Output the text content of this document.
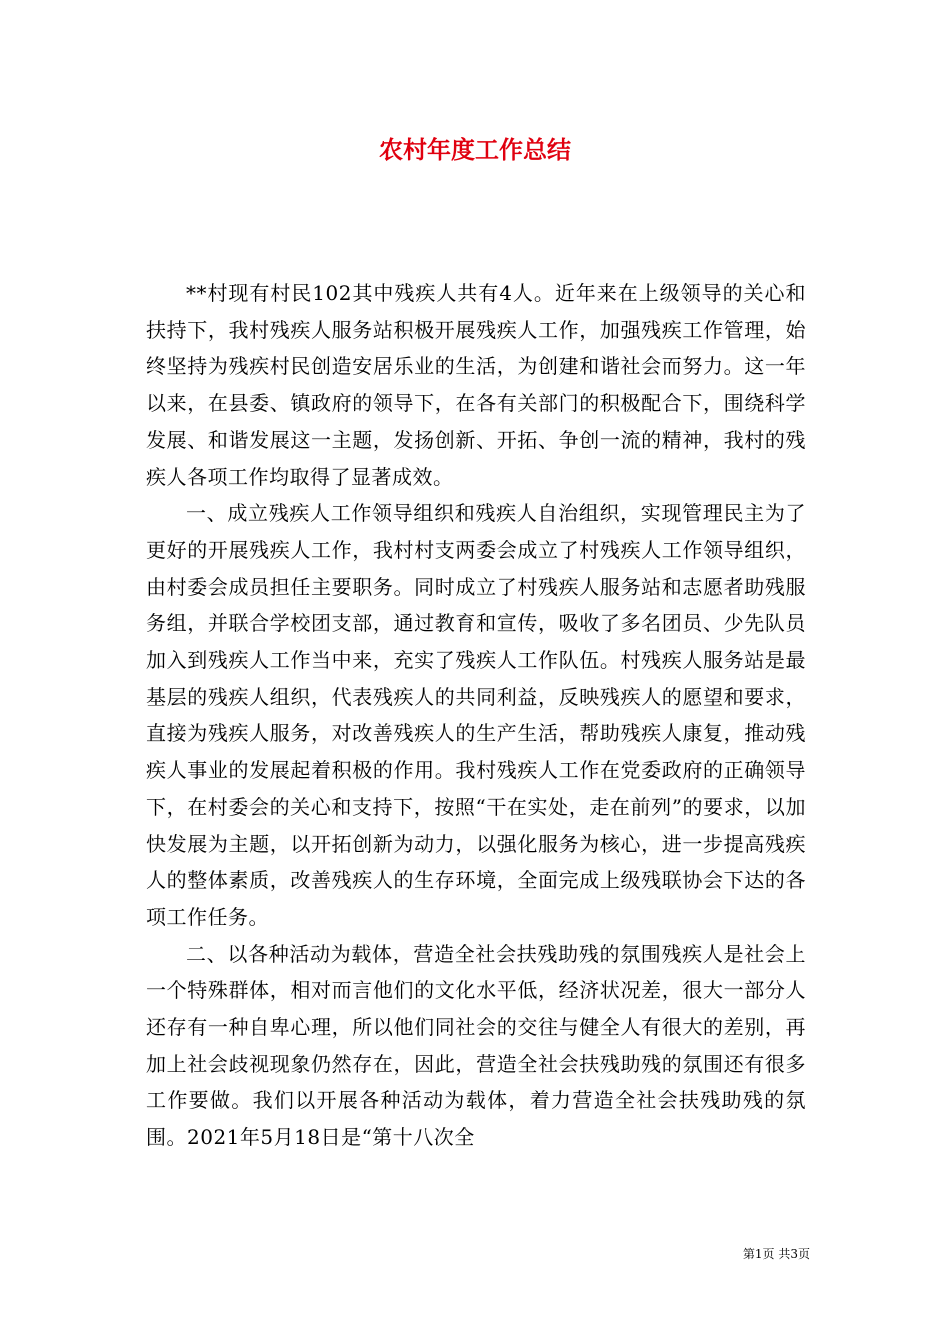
农村年度工作总结

**村现有村民102其中残疾人共有4人。近年来在上级领导的关心和扶持下，我村残疾人服务站积极开展残疾人工作，加强残疾工作管理，始终坚持为残疾村民创造安居乐业的生活，为创建和谐社会而努力。这一年以来，在县委、镇政府的领导下，在各有关部门的积极配合下，围绕科学发展、和谐发展这一主题，发扬创新、开拓、争创一流的精神，我村的残疾人各项工作均取得了显著成效。

一、成立残疾人工作领导组织和残疾人自治组织，实现管理民主为了更好的开展残疾人工作，我村村支两委会成立了村残疾人工作领导组织，由村委会成员担任主要职务。同时成立了村残疾人服务站和志愿者助残服务组，并联合学校团支部，通过教育和宣传，吸收了多名团员、少先队员加入到残疾人工作当中来，充实了残疾人工作队伍。村残疾人服务站是最基层的残疾人组织，代表残疾人的共同利益，反映残疾人的愿望和要求，直接为残疾人服务，对改善残疾人的生产生活，帮助残疾人康复，推动残疾人事业的发展起着积极的作用。我村残疾人工作在党委政府的正确领导下，在村委会的关心和支持下，按照“干在实处，走在前列”的要求，以加快发展为主题，以开拓创新为动力，以强化服务为核心，进一步提高残疾人的整体素质，改善残疾人的生存环境，全面完成上级残联协会下达的各项工作任务。

二、以各种活动为载体，营造全社会扶残助残的氛围残疾人是社会上一个特殊群体，相对而言他们的文化水平低，经济状况差，很大一部分人还存有一种自卑心理，所以他们同社会的交往与健全人有很大的差别，再加上社会歧视现象仍然存在，因此，营造全社会扶残助残的氛围还有很多工作要做。我们以开展各种活动为载体，着力营造全社会扶残助残的氛围。2021年5月18日是“第十八次全

第1页 共3页
